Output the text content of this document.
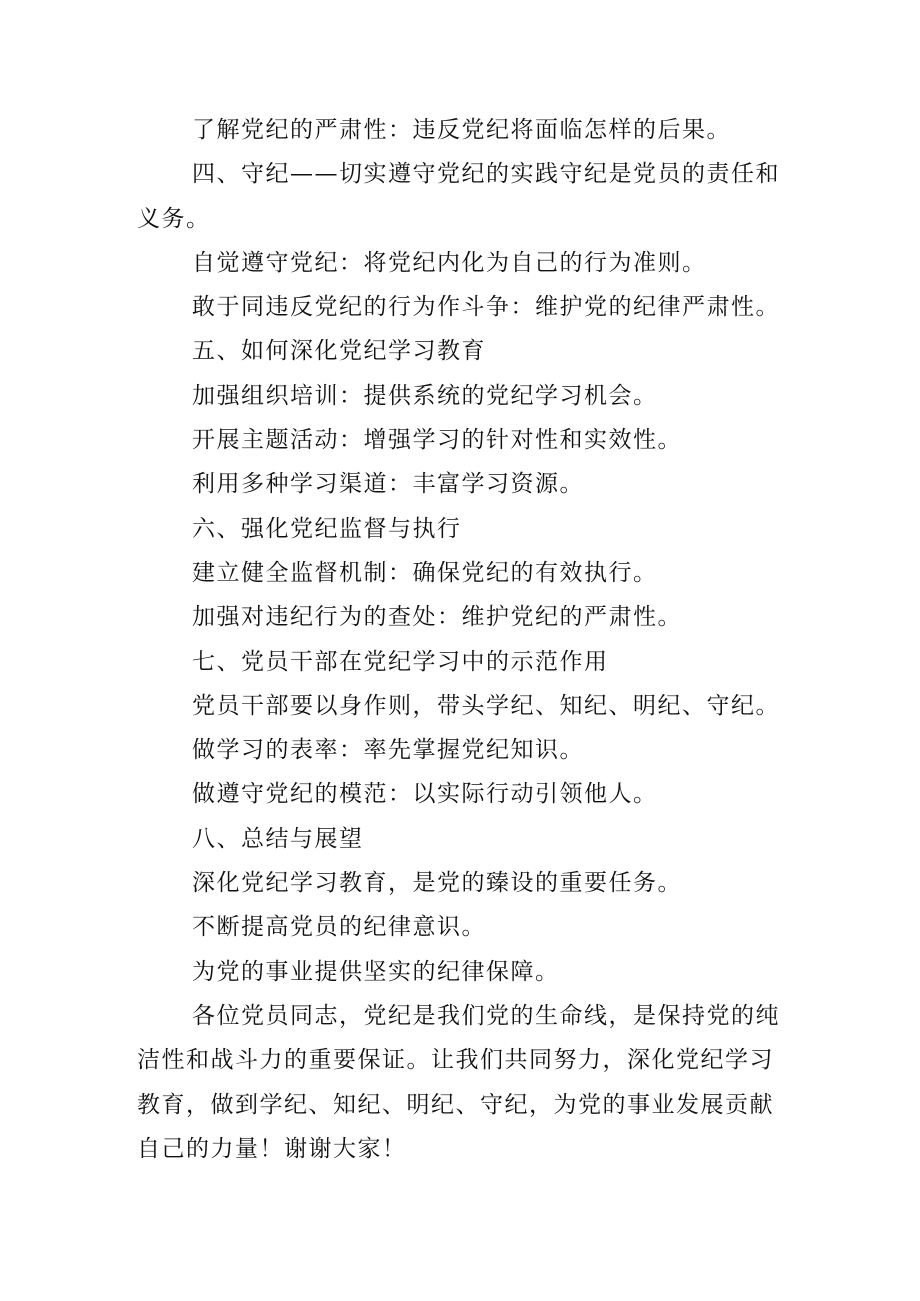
了解党纪的严肃性：违反党纪将面临怎样的后果。

四、守纪——切实遵守党纪的实践守纪是党员的责任和义务。

自觉遵守党纪：将党纪内化为自己的行为准则。

敢于同违反党纪的行为作斗争：维护党的纪律严肃性。

五、如何深化党纪学习教育

加强组织培训：提供系统的党纪学习机会。

开展主题活动：增强学习的针对性和实效性。

利用多种学习渠道：丰富学习资源。

六、强化党纪监督与执行

建立健全监督机制：确保党纪的有效执行。

加强对违纪行为的查处：维护党纪的严肃性。

七、党员干部在党纪学习中的示范作用

党员干部要以身作则，带头学纪、知纪、明纪、守纪。

做学习的表率：率先掌握党纪知识。

做遵守党纪的模范：以实际行动引领他人。

八、总结与展望

深化党纪学习教育，是党的臻设的重要任务。

不断提高党员的纪律意识。

为党的事业提供坚实的纪律保障。

各位党员同志，党纪是我们党的生命线，是保持党的纯洁性和战斗力的重要保证。让我们共同努力，深化党纪学习教育，做到学纪、知纪、明纪、守纪，为党的事业发展贡献自己的力量！谢谢大家！
